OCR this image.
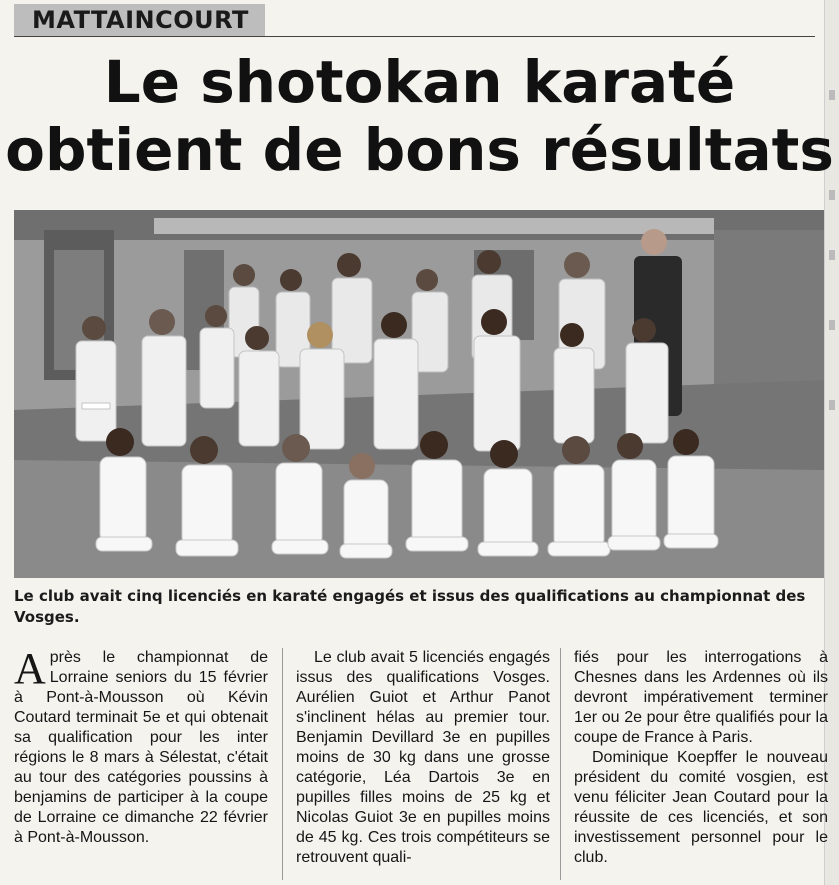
MATTAINCOURT
Le shotokan karaté
obtient de bons résultats
Le club avait cinq licenciés en karaté engagés et issus des qualifications au championnat des Vosges.

Après le championnat de Lorraine seniors du 15 février à Pont-à-Mousson où Kévin Coutard terminait 5e et qui obtenait sa qualification pour les inter régions le 8 mars à Sélestat, c'était au tour des catégories poussins à benjamins de participer à la coupe de Lorraine ce dimanche 22 février à Pont-à-Mousson.

Le club avait 5 licenciés engagés issus des qualifications Vosges. Aurélien Guiot et Arthur Panot s'inclinent hélas au premier tour. Benjamin Devillard 3e en pupilles moins de 30 kg dans une grosse catégorie, Léa Dartois 3e en pupilles filles moins de 25 kg et Nicolas Guiot 3e en pupilles moins de 45 kg. Ces trois compétiteurs se retrouvent quali-

fiés pour les interrogations à Chesnes dans les Ardennes où ils devront impérativement terminer 1er ou 2e pour être qualifiés pour la coupe de France à Paris.

Dominique Koepffer le nouveau président du comité vosgien, est venu féliciter Jean Coutard pour la réussite de ces licenciés, et son investissement personnel pour le club.
